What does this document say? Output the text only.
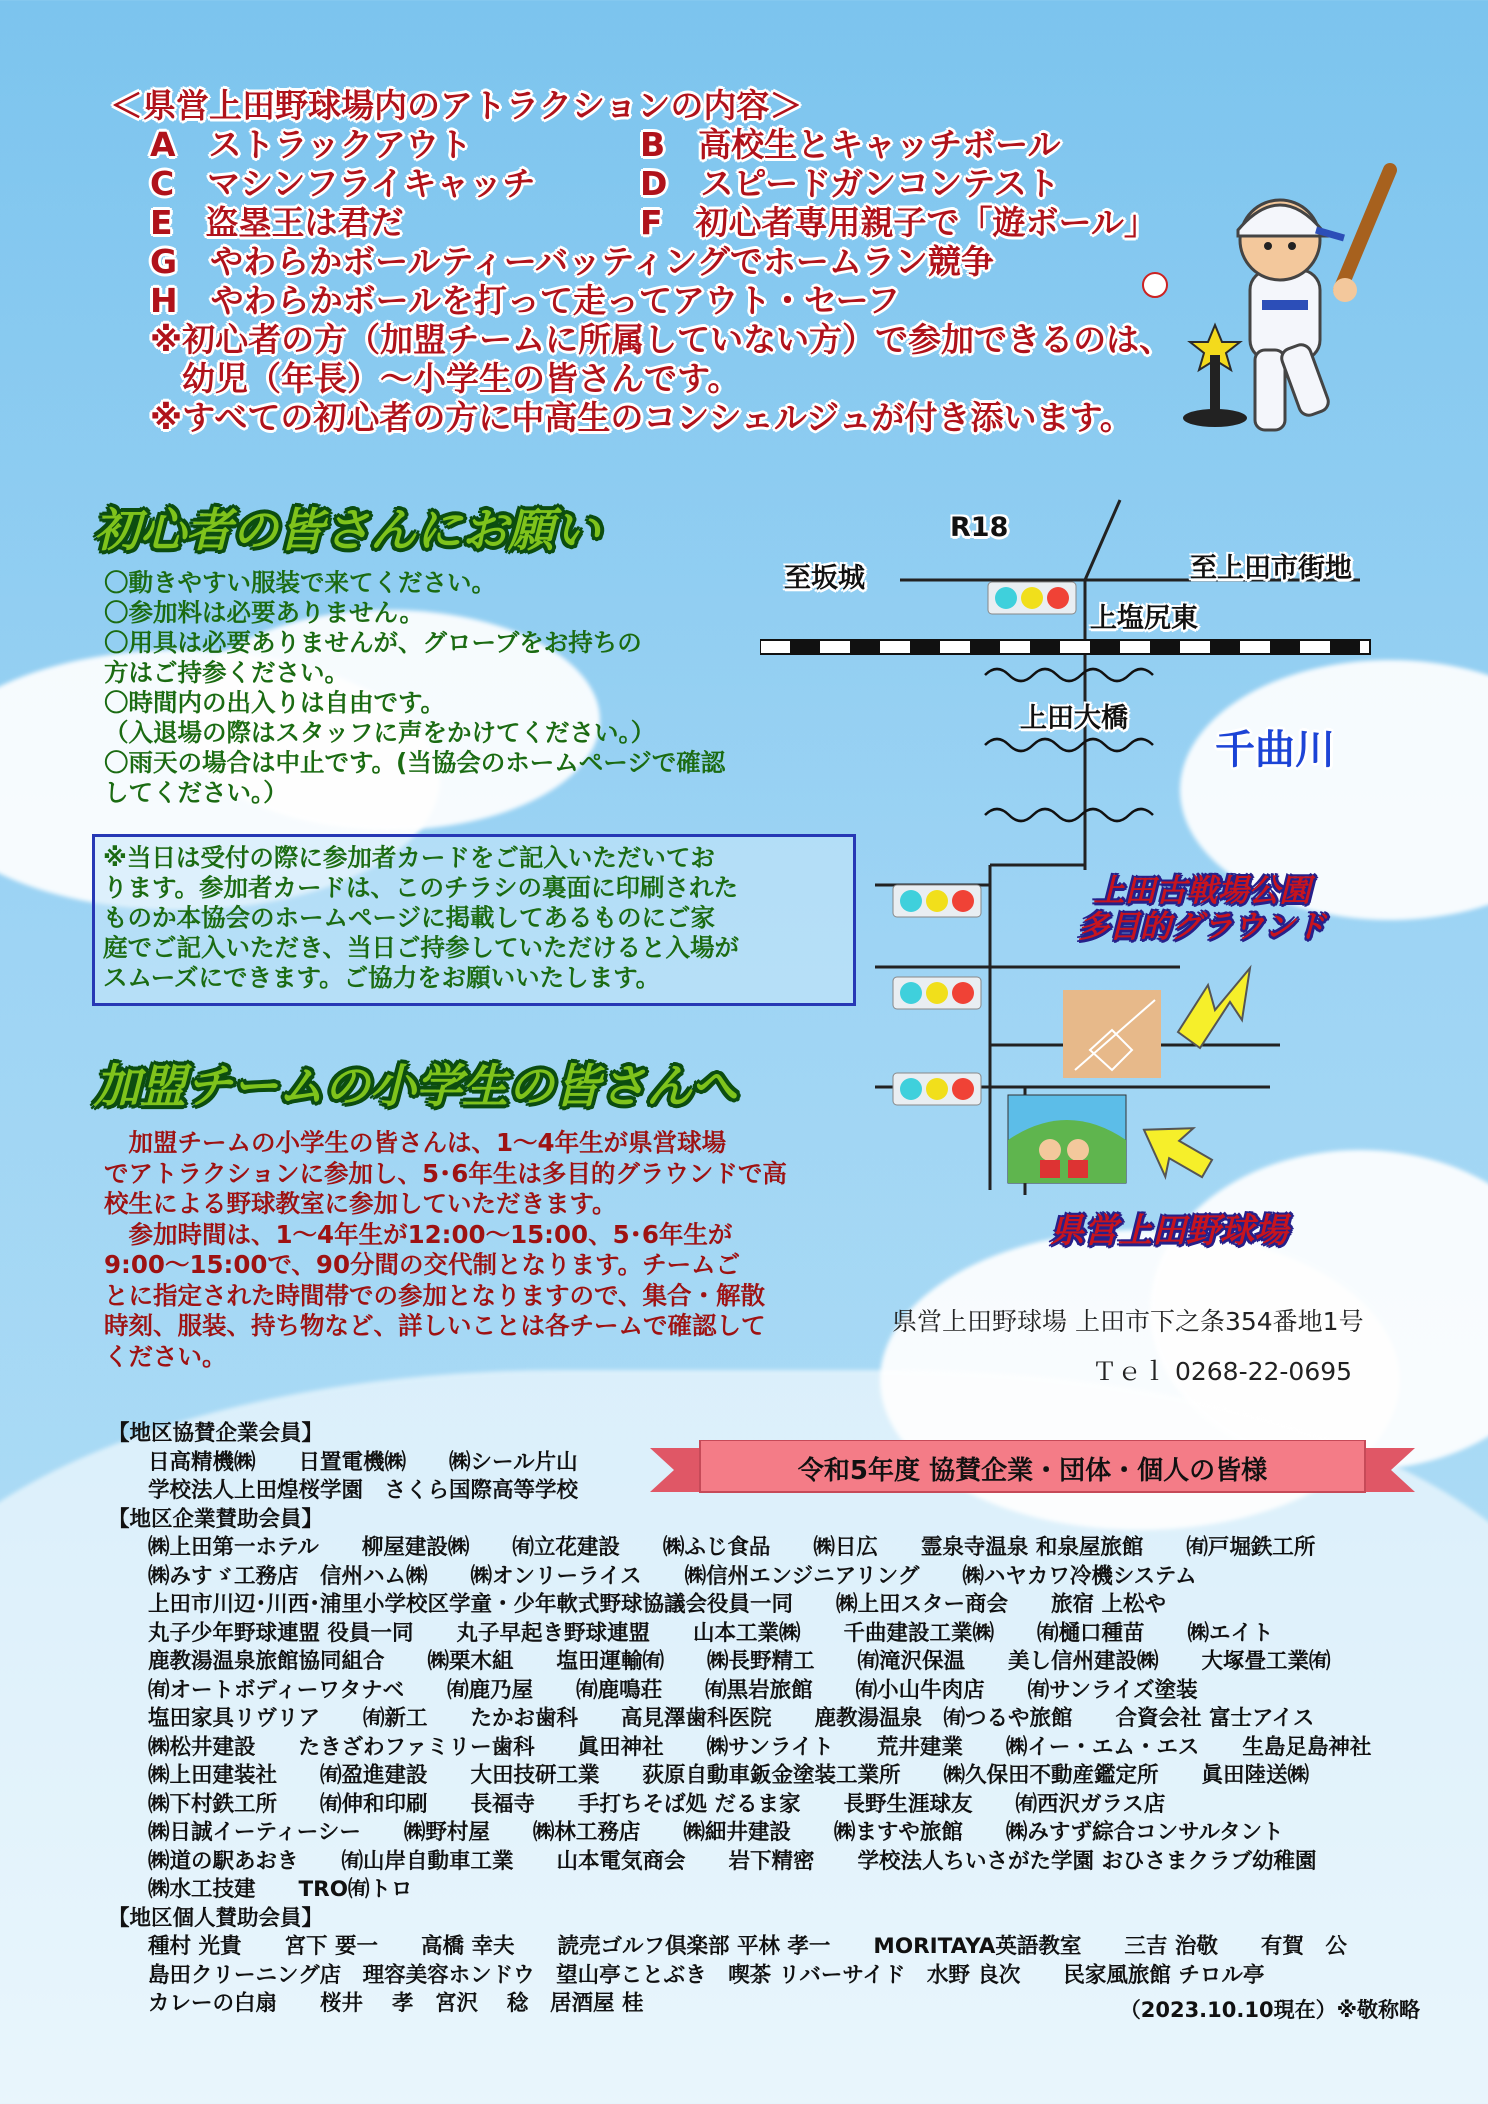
＜県営上田野球場内のアトラクションの内容＞
A　ストラックアウト	B　高校生とキャッチボール
C　マシンフライキャッチ	D　スピードガンコンテスト
E　盗塁王は君だ	F　初心者専用親子で「遊ボール」
G　やわらかボールティーバッティングでホームラン競争
H　やわらかボールを打って走ってアウト・セーフ
※初心者の方（加盟チームに所属していない方）で参加できるのは、
幼児（年長）～小学生の皆さんです。
※すべての初心者の方に中高生のコンシェルジュが付き添います。
初心者の皆さんにお願い
〇動きやすい服装で来てください。
〇参加料は必要ありません。
〇用具は必要ありませんが、グローブをお持ちの
方はご持参ください。
〇時間内の出入りは自由です。
（入退場の際はスタッフに声をかけてください。）
〇雨天の場合は中止です。(当協会のホームページで確認
してください。）
※当日は受付の際に参加者カードをご記入いただいてお
ります。参加者カードは、このチラシの裏面に印刷された
ものか本協会のホームページに掲載してあるものにご家
庭でご記入いただき、当日ご持参していただけると入場が
スムーズにできます。ご協力をお願いいたします。
加盟チームの小学生の皆さんへ
　加盟チームの小学生の皆さんは、1～4年生が県営球場
でアトラクションに参加し、5･6年生は多目的グラウンドで高
校生による野球教室に参加していただきます。
　参加時間は、1～4年生が12:00～15:00、5･6年生が
9:00～15:00で、90分間の交代制となります。チームご
とに指定された時間帯での参加となりますので、集合・解散
時刻、服装、持ち物など、詳しいことは各チームで確認して
ください。
R18
至坂城	至上田市街地
上塩尻東
上田大橋
千曲川
上田古戦場公園
多目的グラウンド
県営上田野球場
県営上田野球場 上田市下之条354番地1号
Ｔｅｌ 0268-22-0695
令和5年度 協賛企業・団体・個人の皆様
【地区協賛企業会員】
日高精機㈱　　日置電機㈱　　㈱シール片山
学校法人上田煌桜学園　さくら国際高等学校
【地区企業賛助会員】
㈱上田第一ホテル　　柳屋建設㈱　　㈲立花建設　　㈱ふじ食品　　㈱日広　　霊泉寺温泉 和泉屋旅館　　㈲戸堀鉄工所
㈱みすゞ工務店　信州ハム㈱　　㈱オンリーライス　　㈱信州エンジニアリング　　㈱ハヤカワ冷機システム
上田市川辺･川西･浦里小学校区学童・少年軟式野球協議会役員一同　　㈱上田スター商会　　旅宿 上松や
丸子少年野球連盟 役員一同　　丸子早起き野球連盟　　山本工業㈱　　千曲建設工業㈱　　㈲樋口種苗　　㈱エイト
鹿教湯温泉旅館協同組合　　㈱栗木組　　塩田運輸㈲　　㈱長野精工　　㈲滝沢保温　　美し信州建設㈱　　大塚畳工業㈲
㈲オートボディーワタナベ　　㈲鹿乃屋　　㈲鹿鳴荘　　㈲黒岩旅館　　㈲小山牛肉店　　㈲サンライズ塗装
塩田家具リヴリア　　㈲新工　　たかお歯科　　高見澤歯科医院　　鹿教湯温泉　㈲つるや旅館　　合資会社 富士アイス
㈱松井建設　　たきざわファミリー歯科　　眞田神社　　㈱サンライト　　荒井建業　　㈱イー・エム・エス　　生島足島神社
㈱上田建装社　　㈲盈進建設　　大田技研工業　　荻原自動車鈑金塗装工業所　　㈱久保田不動産鑑定所　　眞田陸送㈱
㈱下村鉄工所　　㈲伸和印刷　　長福寺　　手打ちそば処 だるま家　　長野生涯球友　　㈲西沢ガラス店
㈱日誠イーティーシー　　㈱野村屋　　㈱林工務店　　㈱細井建設　　㈱ますや旅館　　㈱みすず綜合コンサルタント
㈱道の駅あおき　　㈲山岸自動車工業　　山本電気商会　　岩下精密　　学校法人ちいさがた学園 おひさまクラブ幼稚園
㈱水工技建　　TRO㈲トロ
【地区個人賛助会員】
種村 光貴　　宮下 要一　　高橋 幸夫　　読売ゴルフ倶楽部 平林 孝一　　MORITAYA英語教室　　三吉 治敬　　有賀　公
島田クリーニング店　理容美容ホンドウ　望山亭ことぶき　喫茶 リバーサイド　水野 良次　　民家風旅館 チロル亭
カレーの白扇　　桜井　 孝　宮沢　 稔　居酒屋 桂	（2023.10.10現在）※敬称略
